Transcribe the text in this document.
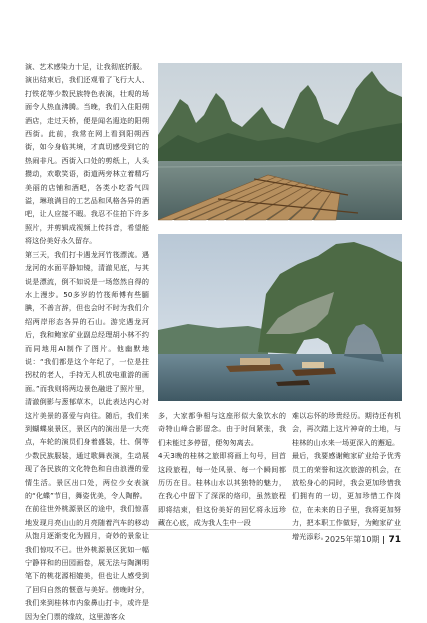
演、艺术感染力十足，让我彻底折服。
演出结束后，我们还观看了飞行大人、打铁花等少数民族特色表演，壮观的场面令人热血沸腾。当晚，我们入住阳朔酒店，走过天桥，便是闻名遐迩的阳朔西街。此前，我常在网上看到阳朔西街，如今身临其境，才真切感受到它的热闹非凡。西街入口处的剪纸上，人头攒动，欢歌笑语，街道两旁林立着精巧美丽的店铺和酒吧，各类小吃香气四溢，琳琅满目的工艺品和风格各异的酒吧，让人应接不暇。我忍不住拍下许多照片，并剪辑成视频上传抖音，希望能将这份美好永久留存。
第三天，我们打卡遇龙河竹筏漂流。遇龙河的水面平静如镜，清澈见底，与其说是漂流，倒不如说是一场悠然自得的水上漫步。50多岁的竹筏师傅有些腼腆，不善言辞，但也会时不时为我们介绍两岸形态各异的石山。游完遇龙河后，我和鲍家矿业副总经理胡小林不约而同地用AI制作了图片。他幽默地说：“我们都是这个年纪了，一位是拄拐杖的老人，手持无人机放电重游的画面。”而我则将两边景色融进了照片里，清澈倒影与葱郁草木，以此表达内心对这片美景的喜爱与向往。随后，我们来到蝴蝶泉景区，景区内的演出是一大亮点，车轮的演员们身着盛装，壮、侗等少数民族服装，通过歌舞表演，生动展现了各民族的文化特色和自由浪漫的爱情生活。景区出口处，两位少女表演的“化蝶”节目，舞姿优美，令人陶醉。
在前往世外桃源景区的途中，我们惊喜地发现月亮山山的月亮随着汽车的移动从饱月逐渐变化为圆月，奇妙的景象让我们惊叹不已。世外桃源景区犹如一幅宁静祥和的田园画卷，展无法与陶渊明笔下的桃花源相媲美，但也让人感受到了回归自然的惬意与美好。傍晚时分，我们来到桂林市内象鼻山打卡，或许是因为全门票的缘故，这里游客众
多，大家都争相与这座形似大象饮水的奇特山峰合影留念。由于时间紧张，我们未能过多停留，便匆匆离去。
4天3晚的桂林之旅即将画上句号，回首这段旅程，每一处风景、每一个瞬间都历历在目。桂林山水以其独特的魅力，在我心中留下了深深的烙印，虽然旅程即将结束，但这份美好的回忆将永远珍藏在心底，成为我人生中一段
难以忘怀的珍贵经历。期待还有机会，再次踏上这片神奇的土地，与桂林的山水来一场更深入的邂逅。
最后，我要感谢鲍家矿业给予优秀员工的荣誉和这次旅游的机会，在放松身心的同时，我会更加珍惜我们拥有的一切，更加珍惜工作岗位，在未来的日子里，我将更加努力，把本职工作做好，为鲍家矿业增光添彩。
2025年第10期 71
